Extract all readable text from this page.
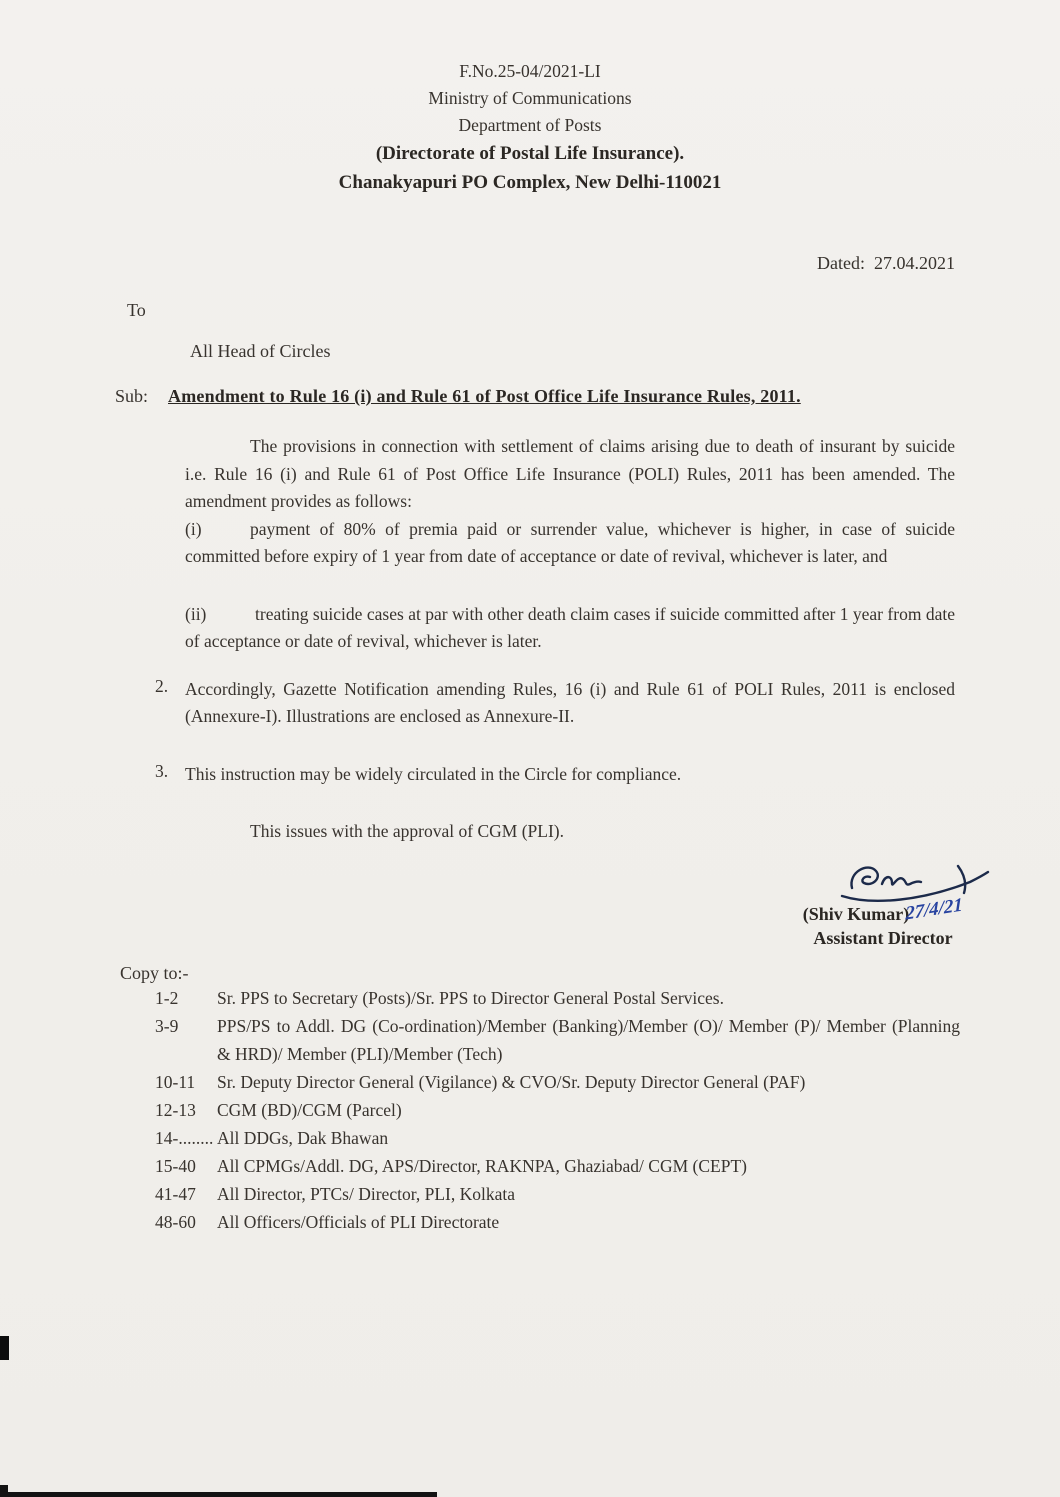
F.No.25-04/2021-LI
Ministry of Communications
Department of Posts
(Directorate of Postal Life Insurance).
Chanakyapuri PO Complex, New Delhi-110021
Dated:  27.04.2021
To
All Head of Circles
Sub:	Amendment to Rule 16 (i) and Rule 61 of Post Office Life Insurance Rules, 2011.

The provisions in connection with settlement of claims arising due to death of insurant by suicide i.e. Rule 16 (i) and Rule 61 of Post Office Life Insurance (POLI) Rules, 2011 has been amended. The amendment provides as follows:

(i)	payment of 80% of premia paid or surrender value, whichever is higher, in case of suicide committed before expiry of 1 year from date of acceptance or date of revival, whichever is later, and

(ii)	treating suicide cases at par with other death claim cases if suicide committed after 1 year from date of acceptance or date of revival, whichever is later.

2. Accordingly, Gazette Notification amending Rules, 16 (i) and Rule 61 of POLI Rules, 2011 is enclosed (Annexure-I). Illustrations are enclosed as Annexure-II.

3. This instruction may be widely circulated in the Circle for compliance.

This issues with the approval of CGM (PLI).

(Shiv Kumar)27/4/21
Assistant Director
Copy to:-
1-2	Sr. PPS to Secretary (Posts)/Sr. PPS to Director General Postal Services.
3-9	PPS/PS to Addl. DG (Co-ordination)/Member (Banking)/Member (O)/ Member (P)/ Member (Planning & HRD)/ Member (PLI)/Member (Tech)
10-11	Sr. Deputy Director General (Vigilance) & CVO/Sr. Deputy Director General (PAF)
12-13	CGM (BD)/CGM (Parcel)
14-........ All DDGs, Dak Bhawan
15-40	All CPMGs/Addl. DG, APS/Director, RAKNPA, Ghaziabad/ CGM (CEPT)
41-47	All Director, PTCs/ Director, PLI, Kolkata
48-60	All Officers/Officials of PLI Directorate
